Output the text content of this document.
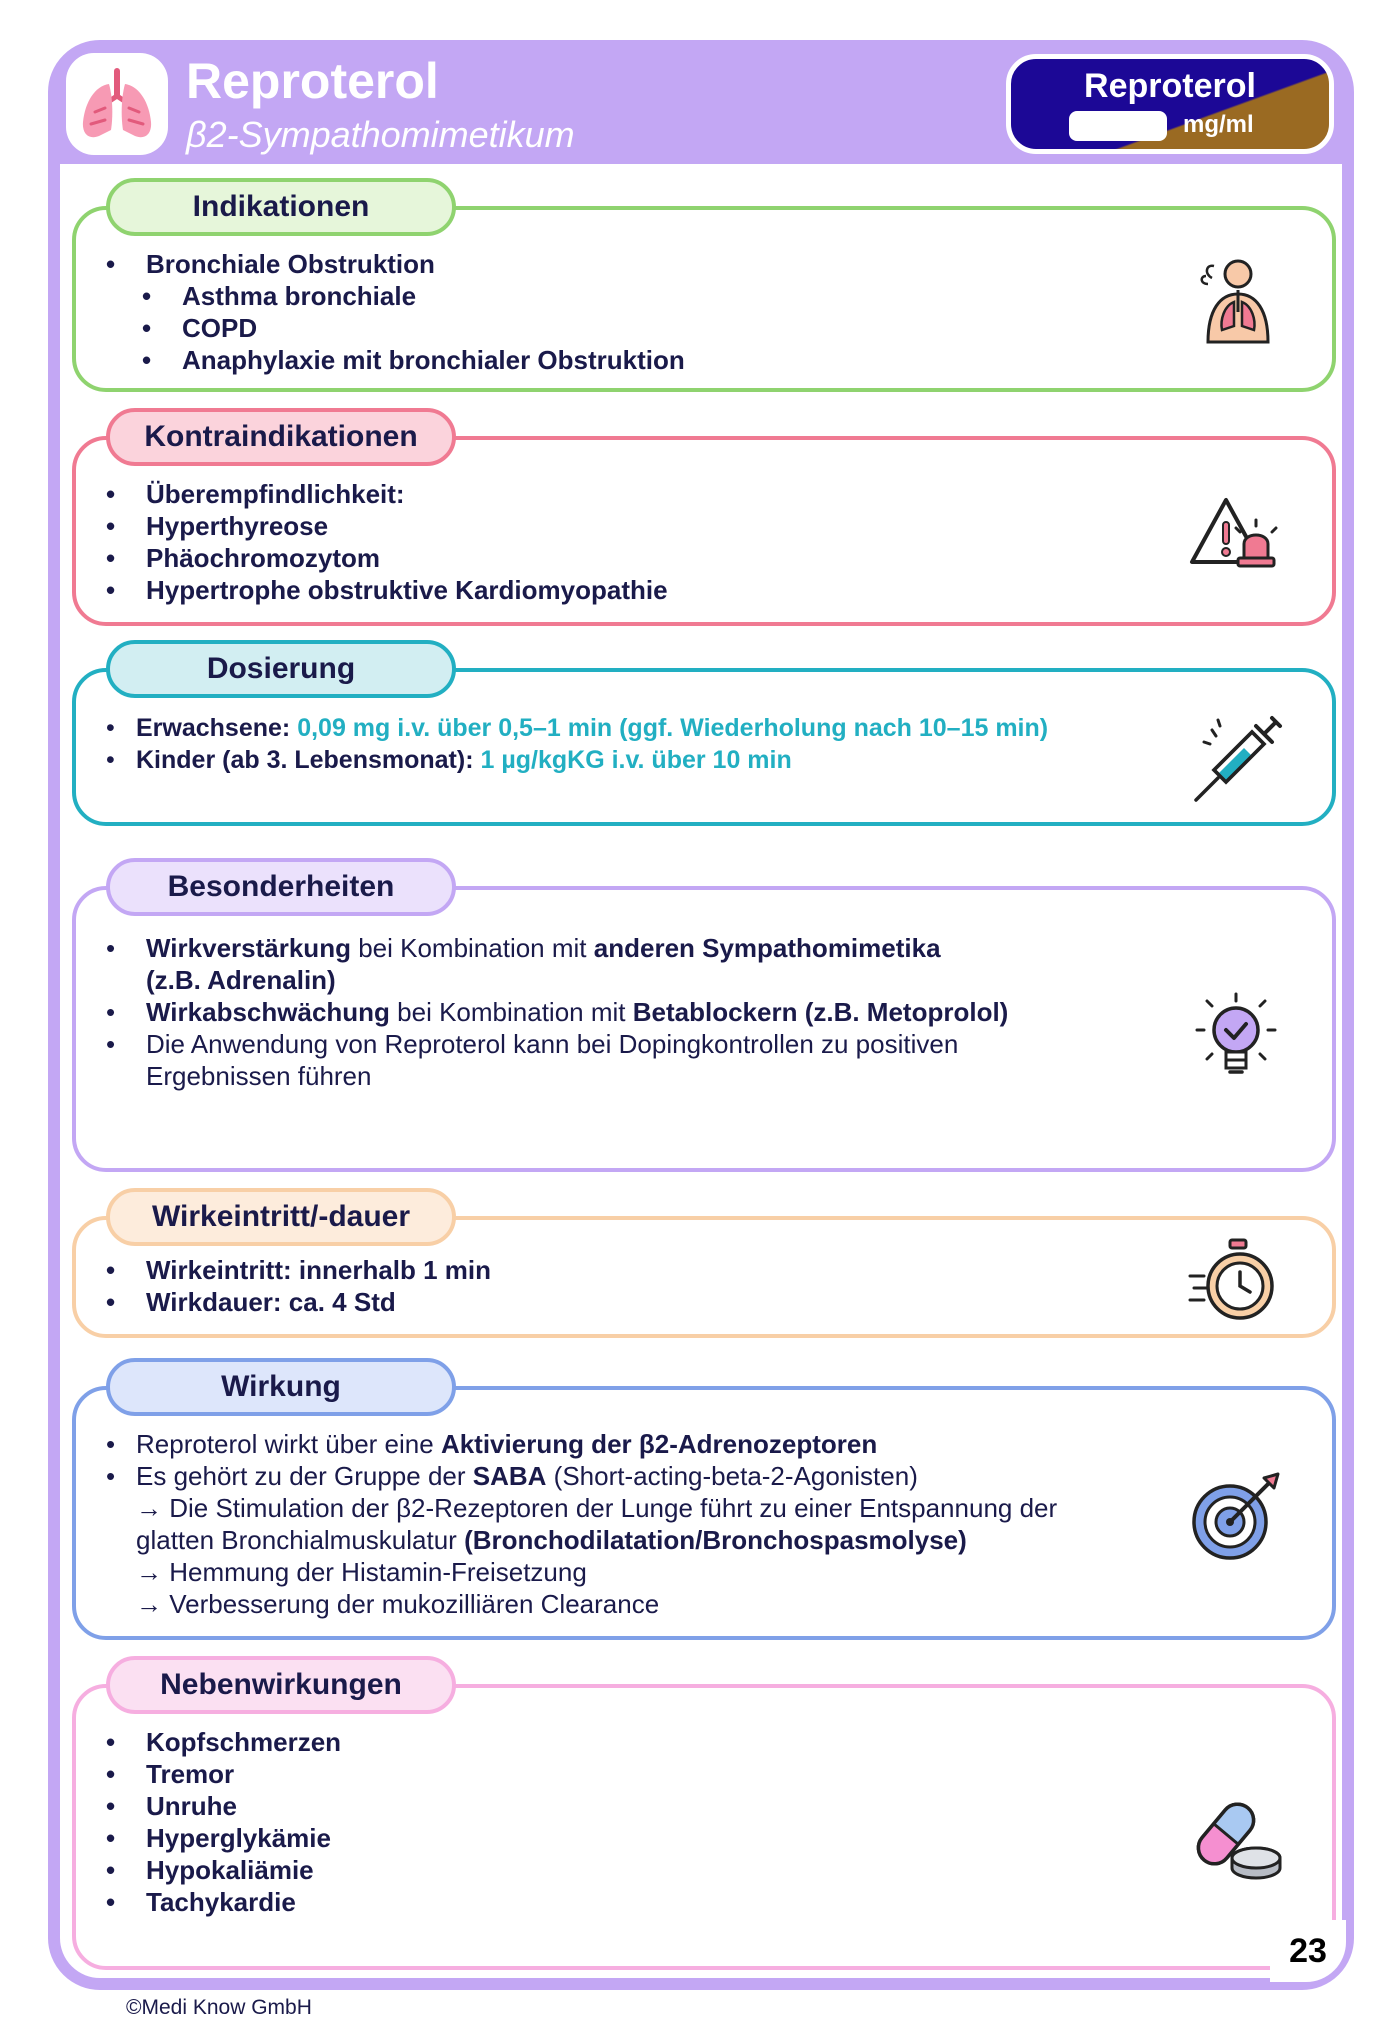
Reproterol
β2-Sympathomimetikum
Reproterol
mg/ml
Indikationen
• Bronchiale Obstruktion
• Asthma bronchiale
• COPD
• Anaphylaxie mit bronchialer Obstruktion
Kontraindikationen
• Überempfindlichkeit:
• Hyperthyreose
• Phäochromozytom
• Hypertrophe obstruktive Kardiomyopathie
Dosierung
• Erwachsene: 0,09 mg i.v. über 0,5–1 min (ggf. Wiederholung nach 10–15 min)
• Kinder (ab 3. Lebensmonat): 1 µg/kgKG i.v. über 10 min
Besonderheiten
• Wirkverstärkung bei Kombination mit anderen Sympathomimetika
(z.B. Adrenalin)
• Wirkabschwächung bei Kombination mit Betablockern (z.B. Metoprolol)
• Die Anwendung von Reproterol kann bei Dopingkontrollen zu positiven
Ergebnissen führen
Wirkeintritt/-dauer
• Wirkeintritt: innerhalb 1 min
• Wirkdauer: ca. 4 Std
Wirkung
• Reproterol wirkt über eine Aktivierung der β2-Adrenozeptoren
• Es gehört zu der Gruppe der SABA (Short-acting-beta-2-Agonisten)
→ Die Stimulation der β2-Rezeptoren der Lunge führt zu einer Entspannung der
glatten Bronchialmuskulatur (Bronchodilatation/Bronchospasmolyse)
→ Hemmung der Histamin-Freisetzung
→ Verbesserung der mukozilliären Clearance
Nebenwirkungen
• Kopfschmerzen
• Tremor
• Unruhe
• Hyperglykämie
• Hypokaliämie
• Tachykardie
23
©Medi Know GmbH
